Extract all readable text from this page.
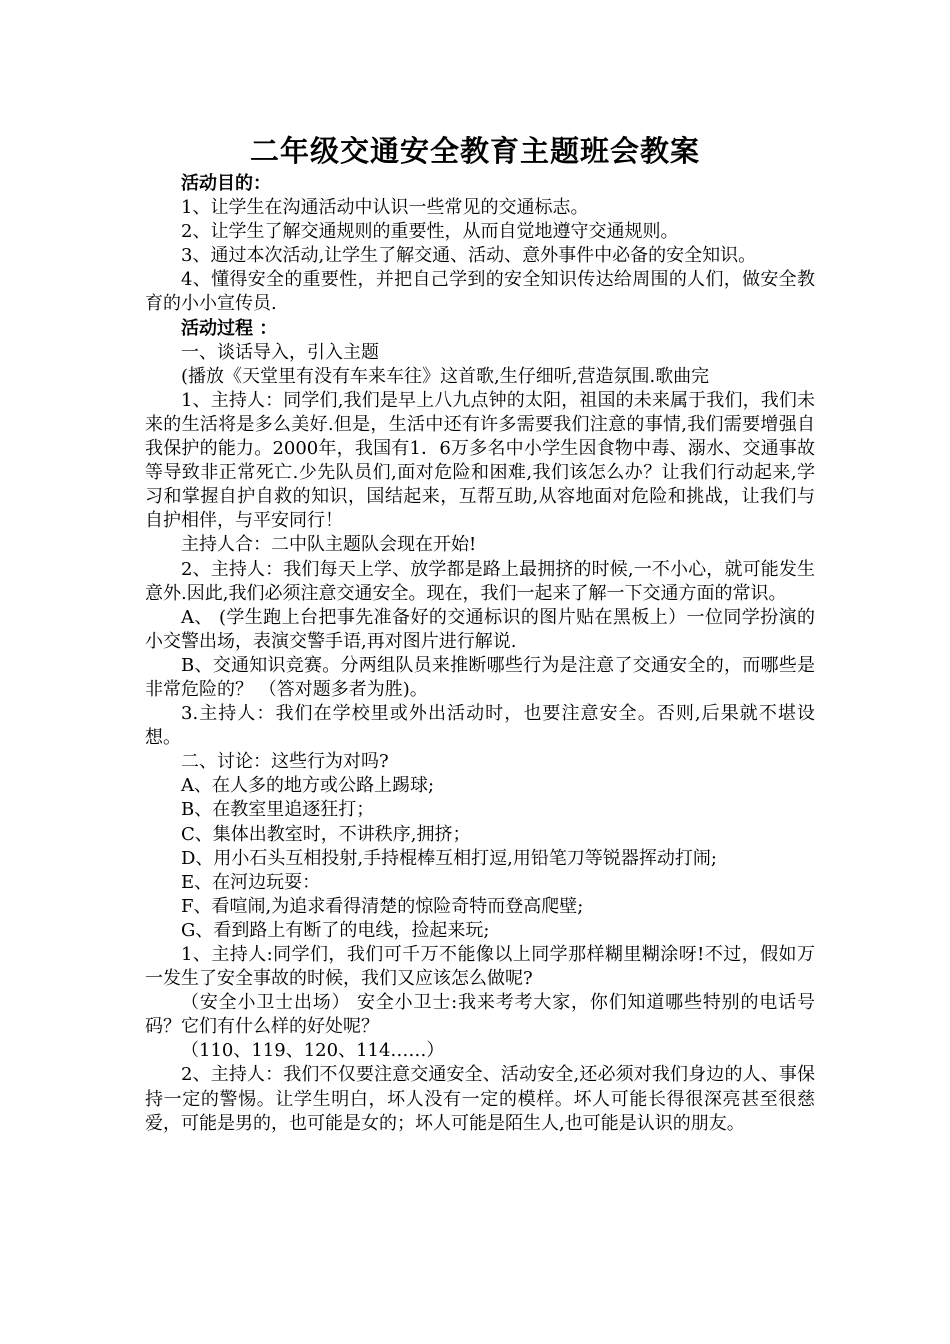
二年级交通安全教育主题班会教案

活动目的：

1、让学生在沟通活动中认识一些常见的交通标志。

2、让学生了解交通规则的重要性，从而自觉地遵守交通规则。

3、通过本次活动,让学生了解交通、活动、意外事件中必备的安全知识。

4、懂得安全的重要性，并把自己学到的安全知识传达给周围的人们，做安全教育的小小宣传员.

活动过程 ：

一、谈话导入，引入主题

(播放《天堂里有没有车来车往》这首歌,生仔细听,营造氛围.歌曲完

1、主持人：同学们,我们是早上八九点钟的太阳，祖国的未来属于我们，我们未来的生活将是多么美好.但是，生活中还有许多需要我们注意的事情,我们需要增强自我保护的能力。2000年，我国有1．6万多名中小学生因食物中毒、溺水、交通事故等导致非正常死亡.少先队员们,面对危险和困难,我们该怎么办？让我们行动起来,学习和掌握自护自救的知识，国结起来，互帮互助,从容地面对危险和挑战，让我们与自护相伴，与平安同行！

主持人合：二中队主题队会现在开始!

2、主持人：我们每天上学、放学都是路上最拥挤的时候,一不小心，就可能发生意外.因此,我们必须注意交通安全。现在，我们一起来了解一下交通方面的常识。

A、 (学生跑上台把事先准备好的交通标识的图片贴在黑板上）一位同学扮演的小交警出场，表演交警手语,再对图片进行解说.

B、交通知识竞赛。分两组队员来推断哪些行为是注意了交通安全的，而哪些是非常危险的？ （答对题多者为胜)。

3.主持人：我们在学校里或外出活动时，也要注意安全。否则,后果就不堪设想。

二、讨论：这些行为对吗?

A、在人多的地方或公路上踢球;

B、在教室里追逐狂打；

C、集体出教室时，不讲秩序,拥挤；

D、用小石头互相投射,手持棍棒互相打逗,用铅笔刀等锐器挥动打闹;

E、在河边玩耍：

F、看喧闹,为追求看得清楚的惊险奇特而登高爬壁;

G、看到路上有断了的电线，捡起来玩;

1、主持人:同学们，我们可千万不能像以上同学那样糊里糊涂呀!不过，假如万一发生了安全事故的时候，我们又应该怎么做呢?

（安全小卫士出场） 安全小卫士:我来考考大家，你们知道哪些特别的电话号码？它们有什么样的好处呢？

（110、119、120、114……）

2、主持人：我们不仅要注意交通安全、活动安全,还必须对我们身边的人、事保持一定的警惕。让学生明白，坏人没有一定的模样。坏人可能长得很深亮甚至很慈爱，可能是男的，也可能是女的；坏人可能是陌生人,也可能是认识的朋友。
